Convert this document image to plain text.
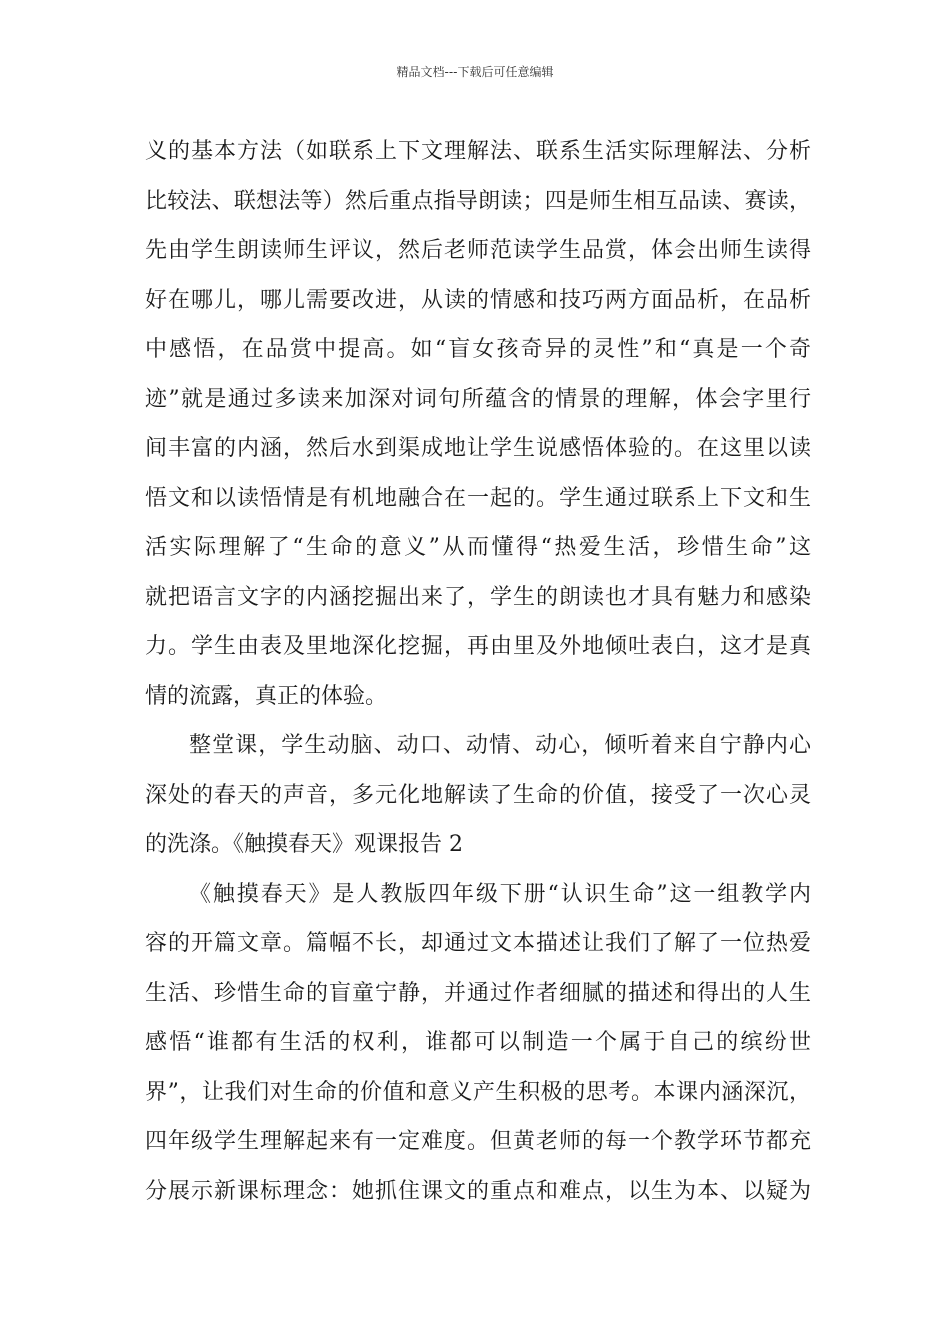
精品文档---下载后可任意编辑
义的基本方法（如联系上下文理解法、联系生活实际理解法、分析
比较法、联想法等）然后重点指导朗读；四是师生相互品读、赛读，
先由学生朗读师生评议，然后老师范读学生品赏，体会出师生读得
好在哪儿，哪儿需要改进，从读的情感和技巧两方面品析，在品析
中感悟，在品赏中提高。如“盲女孩奇异的灵性”和“真是一个奇
迹”就是通过多读来加深对词句所蕴含的情景的理解，体会字里行
间丰富的内涵，然后水到渠成地让学生说感悟体验的。在这里以读
悟文和以读悟情是有机地融合在一起的。学生通过联系上下文和生
活实际理解了“生命的意义”从而懂得“热爱生活，珍惜生命”这
就把语言文字的内涵挖掘出来了，学生的朗读也才具有魅力和感染
力。学生由表及里地深化挖掘，再由里及外地倾吐表白，这才是真
情的流露，真正的体验。
整堂课，学生动脑、动口、动情、动心，倾听着来自宁静内心
深处的春天的声音，多元化地解读了生命的价值，接受了一次心灵
的洗涤。《触摸春天》观课报告 2
《触摸春天》是人教版四年级下册“认识生命”这一组教学内
容的开篇文章。篇幅不长，却通过文本描述让我们了解了一位热爱
生活、珍惜生命的盲童宁静，并通过作者细腻的描述和得出的人生
感悟“谁都有生活的权利，谁都可以制造一个属于自己的缤纷世
界”，让我们对生命的价值和意义产生积极的思考。本课内涵深沉，
四年级学生理解起来有一定难度。但黄老师的每一个教学环节都充
分展示新课标理念：她抓住课文的重点和难点，以生为本、以疑为
